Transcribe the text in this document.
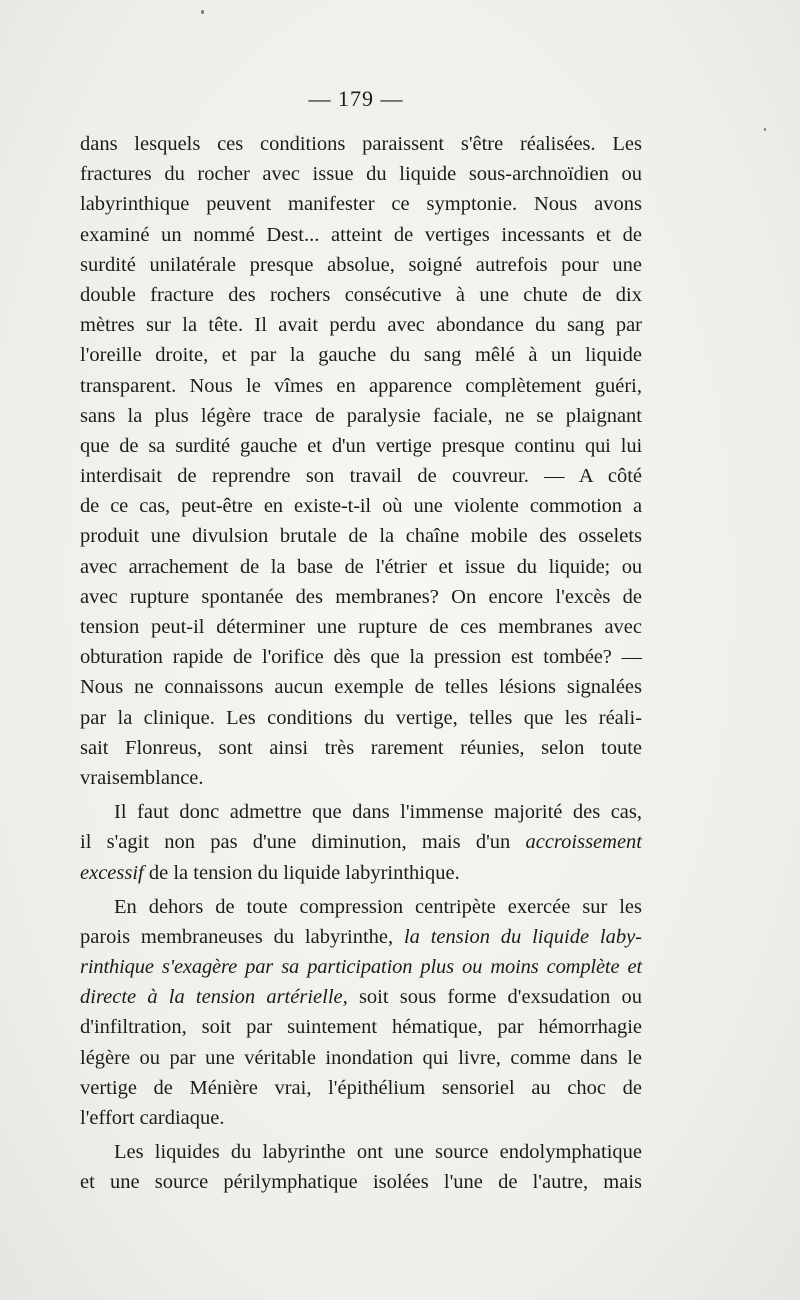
— 179 —
dans lesquels ces conditions paraissent s'être réalisées. Les
fractures du rocher avec issue du liquide sous-archnoïdien ou
labyrinthique peuvent manifester ce symptonie. Nous avons
examiné un nommé Dest... atteint de vertiges incessants et de
surdité unilatérale presque absolue, soigné autrefois pour une
double fracture des rochers consécutive à une chute de dix
mètres sur la tête. Il avait perdu avec abondance du sang par
l'oreille droite, et par la gauche du sang mêlé à un liquide
transparent. Nous le vîmes en apparence complètement guéri,
sans la plus légère trace de paralysie faciale, ne se plaignant
que de sa surdité gauche et d'un vertige presque continu qui lui
interdisait de reprendre son travail de couvreur. — A côté
de ce cas, peut-être en existe-t-il où une violente commotion a
produit une divulsion brutale de la chaîne mobile des osselets
avec arrachement de la base de l'étrier et issue du liquide; ou
avec rupture spontanée des membranes? On encore l'excès de
tension peut-il déterminer une rupture de ces membranes avec
obturation rapide de l'orifice dès que la pression est tombée? —
Nous ne connaissons aucun exemple de telles lésions signalées
par la clinique. Les conditions du vertige, telles que les réali-
sait Flonreus, sont ainsi très rarement réunies, selon toute
vraisemblance.
Il faut donc admettre que dans l'immense majorité des cas,
il s'agit non pas d'une diminution, mais d'un accroissement
excessif de la tension du liquide labyrinthique.
En dehors de toute compression centripète exercée sur les
parois membraneuses du labyrinthe, la tension du liquide laby-
rinthique s'exagère par sa participation plus ou moins complète et
directe à la tension artérielle, soit sous forme d'exsudation ou
d'infiltration, soit par suintement hématique, par hémorrhagie
légère ou par une véritable inondation qui livre, comme dans le
vertige de Ménière vrai, l'épithélium sensoriel au choc de
l'effort cardiaque.
Les liquides du labyrinthe ont une source endolymphatique
et une source périlymphatique isolées l'une de l'autre, mais
